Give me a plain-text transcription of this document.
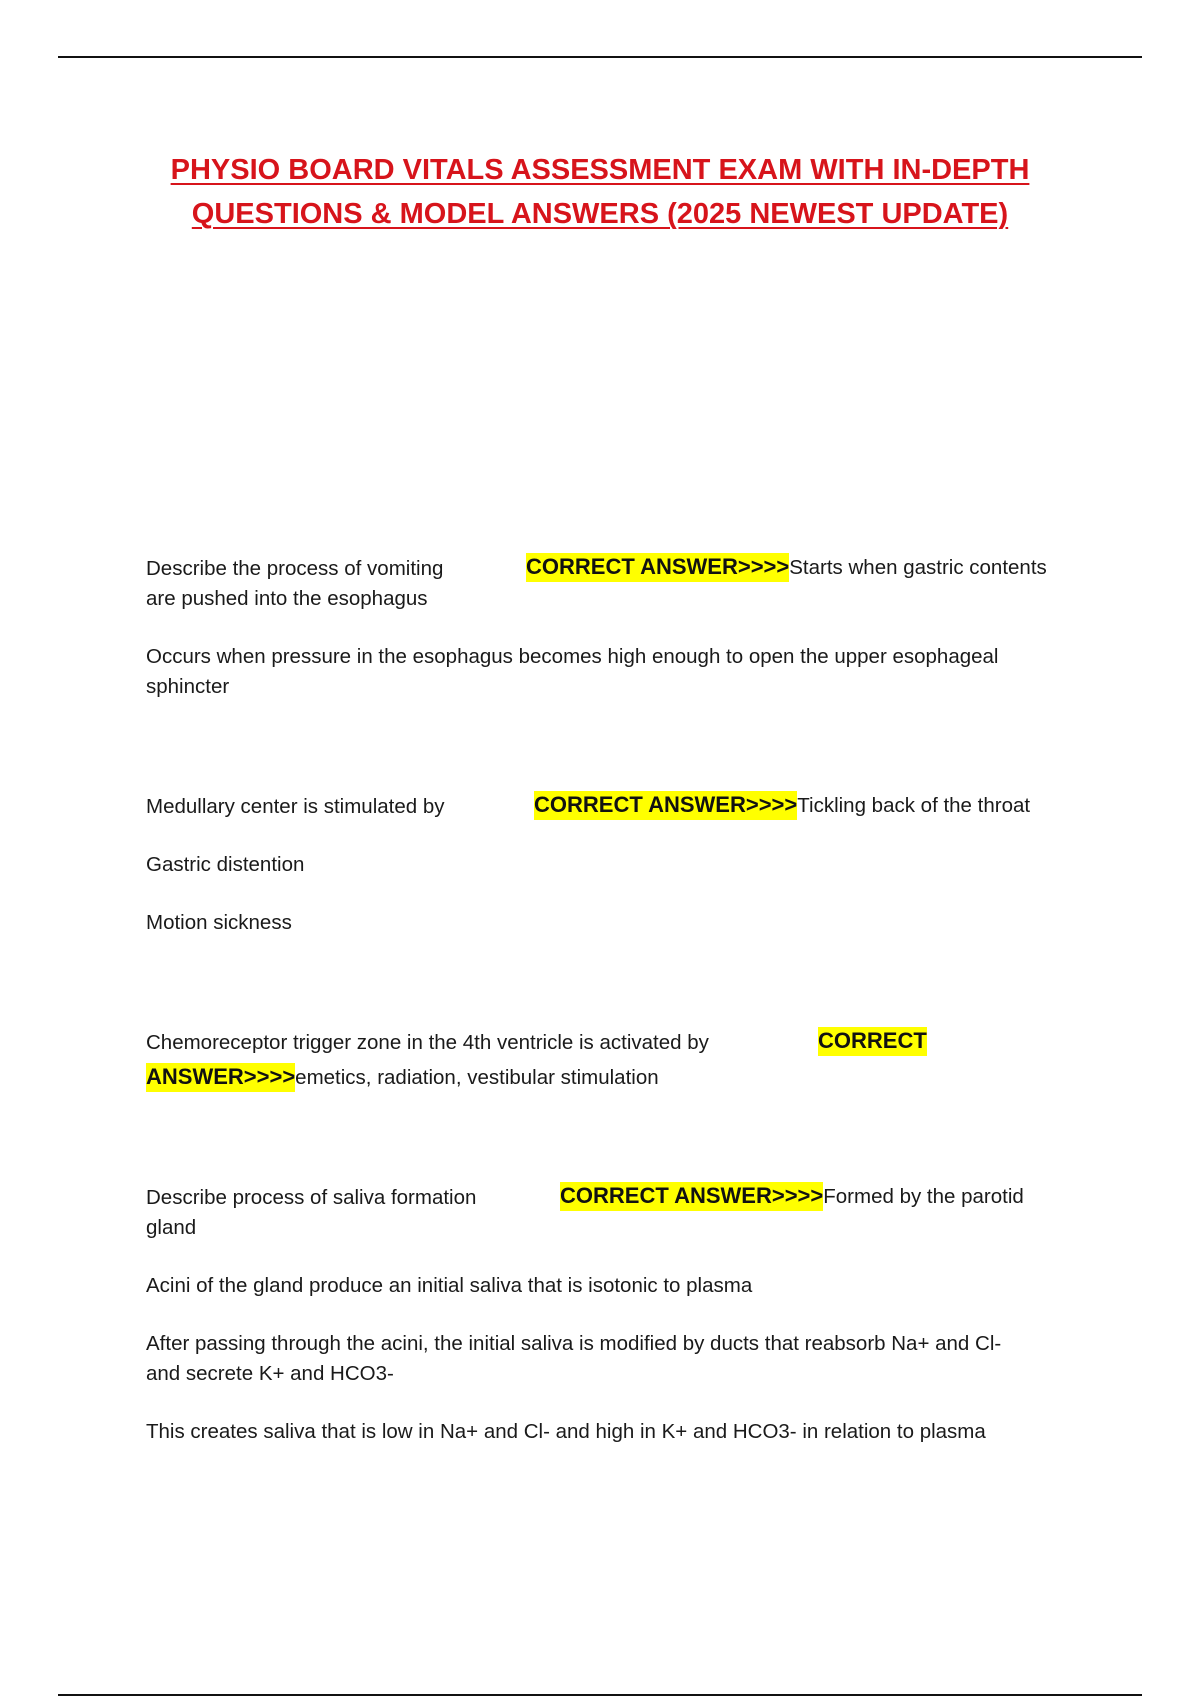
PHYSIO BOARD VITALS ASSESSMENT EXAM WITH IN-DEPTH
QUESTIONS & MODEL ANSWERS (2025 NEWEST UPDATE)
Describe the process of vomiting	CORRECT ANSWER>>>>Starts when gastric contents
are pushed into the esophagus
Occurs when pressure in the esophagus becomes high enough to open the upper esophageal
sphincter
Medullary center is stimulated by	CORRECT ANSWER>>>>Tickling back of the throat
Gastric distention
Motion sickness
Chemoreceptor trigger zone in the 4th ventricle is activated by	CORRECT
ANSWER>>>>emetics, radiation, vestibular stimulation
Describe process of saliva formation	CORRECT ANSWER>>>>Formed by the parotid
gland
Acini of the gland produce an initial saliva that is isotonic to plasma
After passing through the acini, the initial saliva is modified by ducts that reabsorb Na+ and Cl-
and secrete K+ and HCO3-
This creates saliva that is low in Na+ and Cl- and high in K+ and HCO3- in relation to plasma
